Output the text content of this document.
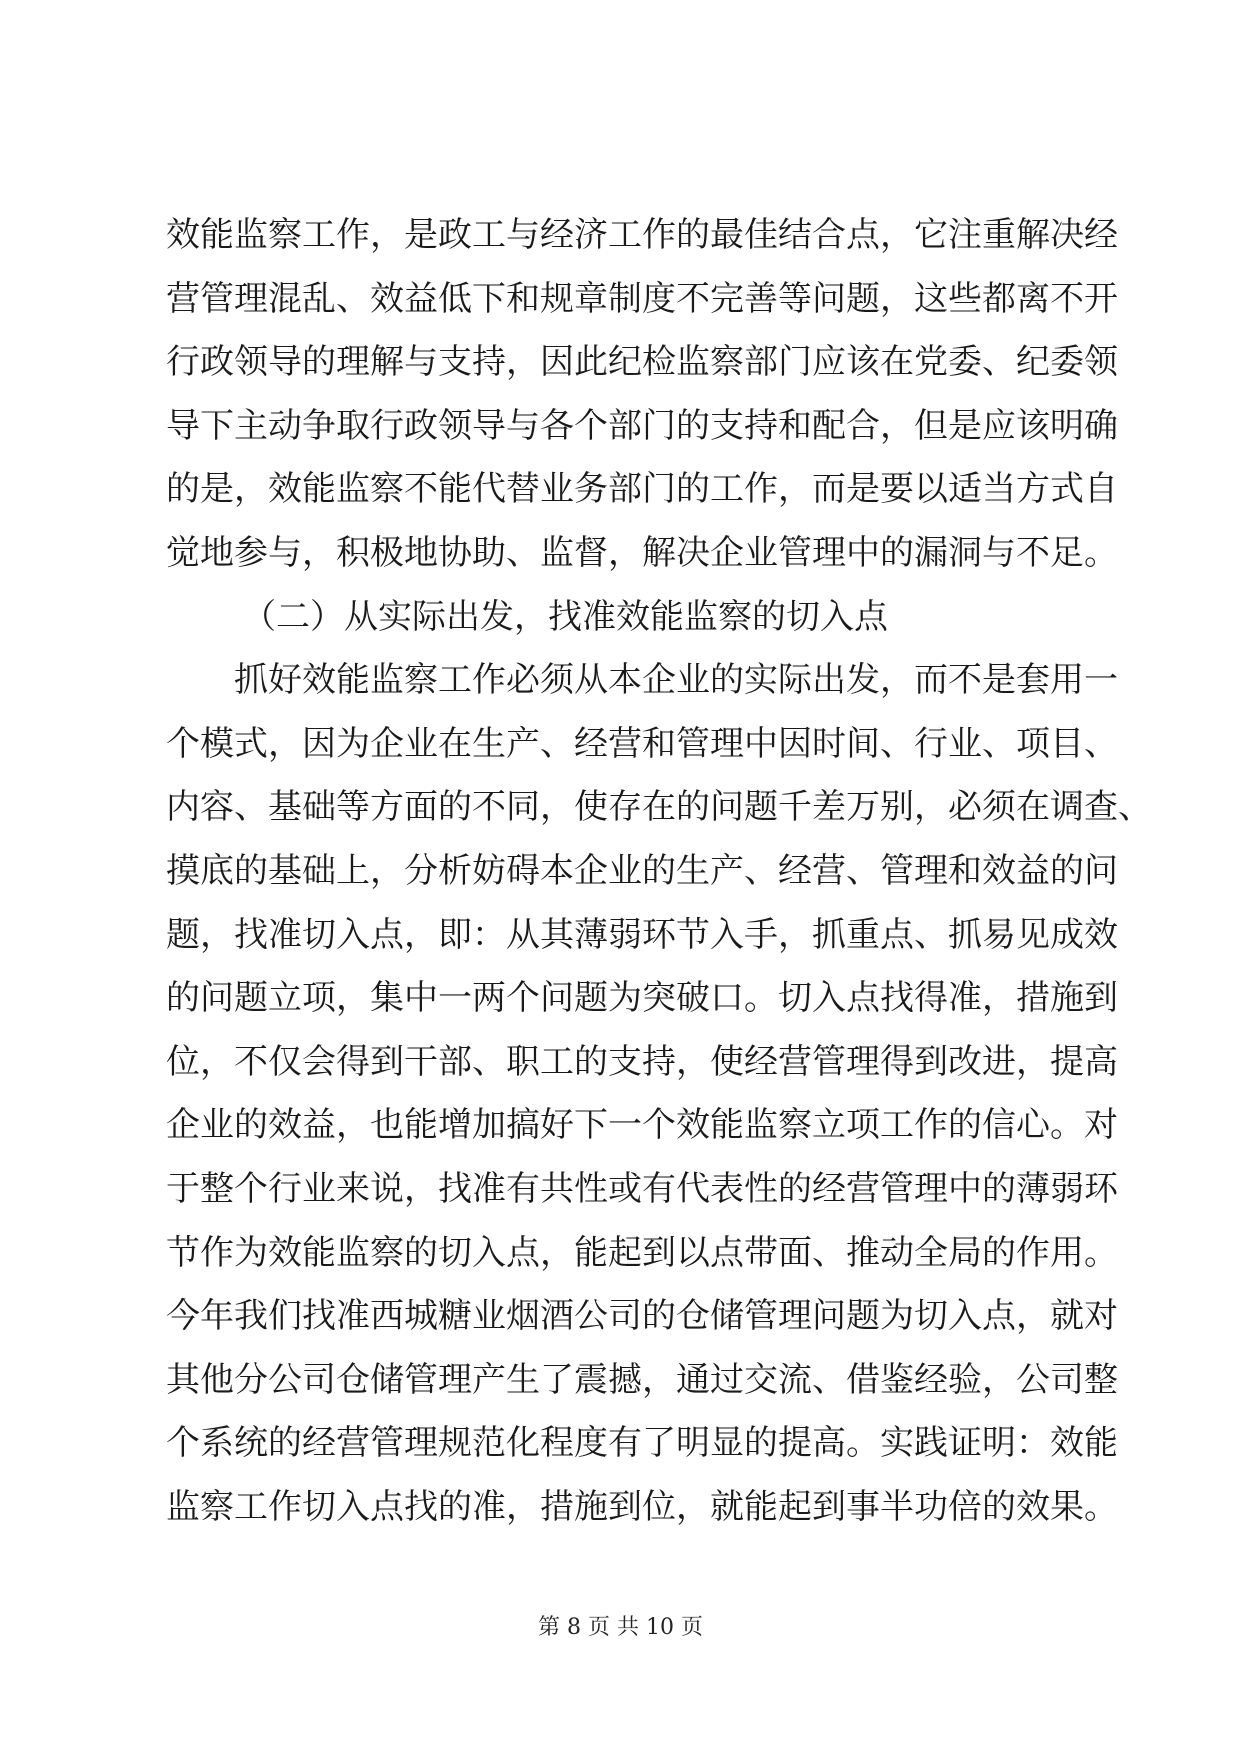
效能监察工作，是政工与经济工作的最佳结合点，它注重解决经
营管理混乱、效益低下和规章制度不完善等问题，这些都离不开
行政领导的理解与支持，因此纪检监察部门应该在党委、纪委领
导下主动争取行政领导与各个部门的支持和配合，但是应该明确
的是，效能监察不能代替业务部门的工作，而是要以适当方式自
觉地参与，积极地协助、监督，解决企业管理中的漏洞与不足。
（二）从实际出发，找准效能监察的切入点
抓好效能监察工作必须从本企业的实际出发，而不是套用一
个模式，因为企业在生产、经营和管理中因时间、行业、项目、
内容、基础等方面的不同，使存在的问题千差万别，必须在调查、
摸底的基础上，分析妨碍本企业的生产、经营、管理和效益的问
题，找准切入点，即：从其薄弱环节入手，抓重点、抓易见成效
的问题立项，集中一两个问题为突破口。切入点找得准，措施到
位，不仅会得到干部、职工的支持，使经营管理得到改进，提高
企业的效益，也能增加搞好下一个效能监察立项工作的信心。对
于整个行业来说，找准有共性或有代表性的经营管理中的薄弱环
节作为效能监察的切入点，能起到以点带面、推动全局的作用。
今年我们找准西城糖业烟酒公司的仓储管理问题为切入点，就对
其他分公司仓储管理产生了震撼，通过交流、借鉴经验，公司整
个系统的经营管理规范化程度有了明显的提高。实践证明：效能
监察工作切入点找的准，措施到位，就能起到事半功倍的效果。
第 8 页 共 10 页
